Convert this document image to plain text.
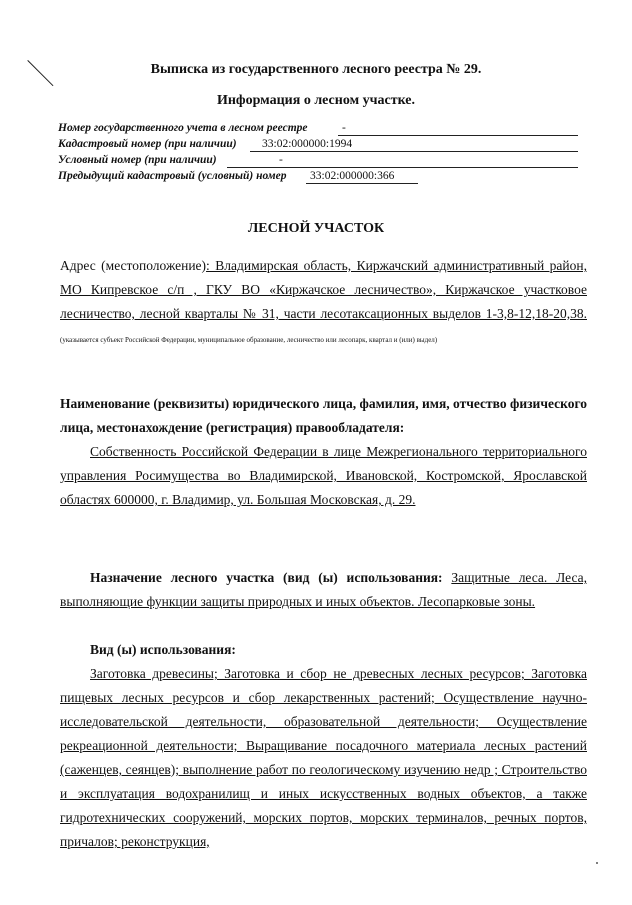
Выписка из государственного лесного реестра № 29.
Информация о лесном участке.
Номер государственного учета в лесном реестре	-
Кадастровый номер (при наличии)	33:02:000000:1994
Условный номер (при наличии)	-
Предыдущий кадастровый (условный) номер	33:02:000000:366
ЛЕСНОЙ УЧАСТОК
Адрес (местоположение): Владимирская область, Киржачский административный район, МО Кипревское с/п , ГКУ ВО «Киржачское лесничество», Киржачское участковое лесничество, лесной кварталы № 31, части лесотаксационных выделов 1-3,8-12,18-20,38. (указывается субъект Российской Федерации, муниципальное образование, лесничество или лесопарк, квартал и (или) выдел)
Наименование (реквизиты) юридического лица, фамилия, имя, отчество физического лица, местонахождение (регистрация) правообладателя:
Собственность Российской Федерации в лице Межрегионального территориального управления Росимущества во Владимирской, Ивановской, Костромской, Ярославской областях 600000, г. Владимир, ул. Большая Московская, д. 29.
Назначение лесного участка (вид (ы) использования: Защитные леса. Леса, выполняющие функции защиты природных и иных объектов. Лесопарковые зоны.
Вид (ы) использования:
Заготовка древесины; Заготовка и сбор не древесных лесных ресурсов; Заготовка пищевых лесных ресурсов и сбор лекарственных растений; Осуществление научно-исследовательской деятельности, образовательной деятельности; Осуществление рекреационной деятельности; Выращивание посадочного материала лесных растений (саженцев, сеянцев); выполнение работ по геологическому изучению недр ; Строительство и эксплуатация водохранилищ и иных искусственных водных объектов, а также гидротехнических сооружений, морских портов, морских терминалов, речных портов, причалов; реконструкция,
